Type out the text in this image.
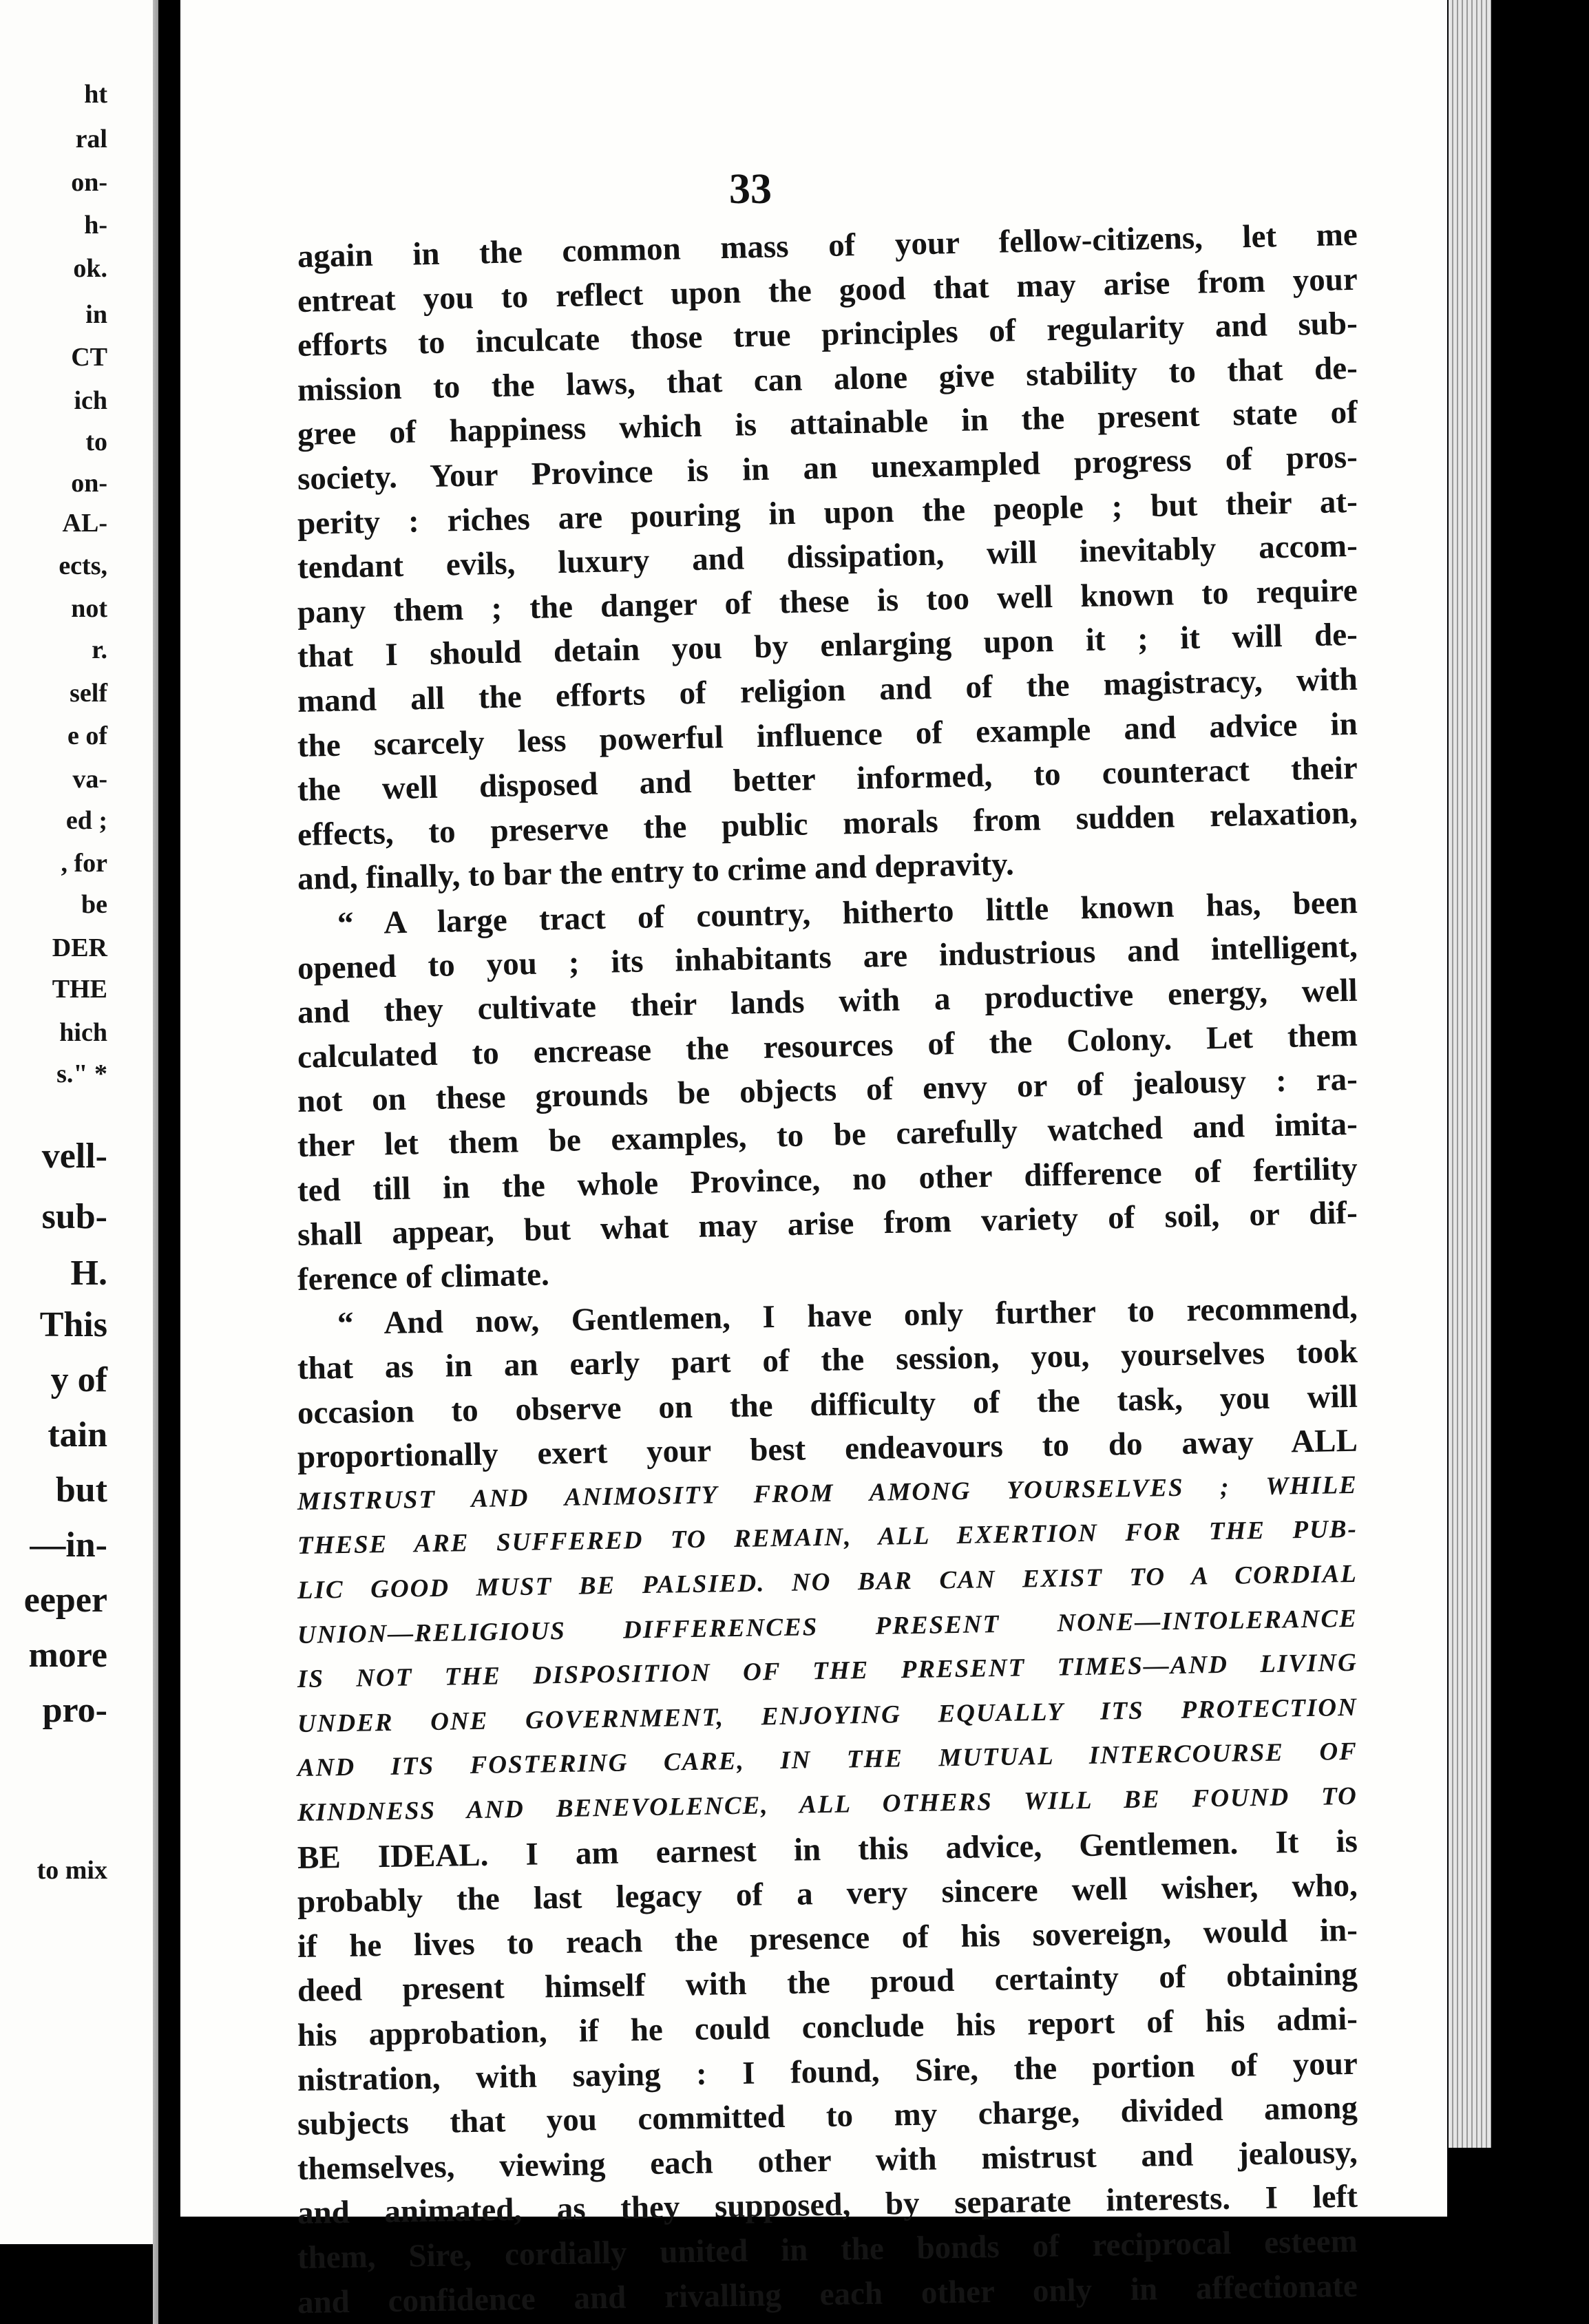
ht

ral

on-

h-

ok.

in

CT

ich

to

on-

AL-

ects,

not

r.

self

e of

va-

ed ;

, for

be

DER

THE

hich

s." *

vell-

sub-

H.

This

y of

tain

but

—in-

eeper

more

pro-

to mix

33

again in the common mass of your fellow-citizens, let me

entreat you to reflect upon the good that may arise from your

efforts to inculcate those true principles of regularity and sub-

mission to the laws, that can alone give stability to that de-

gree of happiness which is attainable in the present state of

society. Your Province is in an unexampled progress of pros-

perity : riches are pouring in upon the people ; but their at-

tendant evils, luxury and dissipation, will inevitably accom-

pany them ; the danger of these is too well known to require

that I should detain you by enlarging upon it ; it will de-

mand all the efforts of religion and of the magistracy, with

the scarcely less powerful influence of example and advice in

the well disposed and better informed, to counteract their

effects, to preserve the public morals from sudden relaxation,

and, finally, to bar the entry to crime and depravity.

“ A large tract of country, hitherto little known has, been

opened to you ; its inhabitants are industrious and intelligent,

and they cultivate their lands with a productive energy, well

calculated to encrease the resources of the Colony. Let them

not on these grounds be objects of envy or of jealousy : ra-

ther let them be examples, to be carefully watched and imita-

ted till in the whole Province, no other difference of fertility

shall appear, but what may arise from variety of soil, or dif-

ference of climate.

“ And now, Gentlemen, I have only further to recommend,

that as in an early part of the session, you, yourselves took

occasion to observe on the difficulty of the task, you will

proportionally exert your best endeavours to do away ALL

MISTRUST AND ANIMOSITY FROM AMONG YOURSELVES ; WHILE

THESE ARE SUFFERED TO REMAIN, ALL EXERTION FOR THE PUB-

LIC GOOD MUST BE PALSIED. NO BAR CAN EXIST TO A CORDIAL

UNION—RELIGIOUS DIFFERENCES PRESENT NONE—INTOLERANCE

IS NOT THE DISPOSITION OF THE PRESENT TIMES—AND LIVING

UNDER ONE GOVERNMENT, ENJOYING EQUALLY ITS PROTECTION

AND ITS FOSTERING CARE, IN THE MUTUAL INTERCOURSE OF

KINDNESS AND BENEVOLENCE, ALL OTHERS WILL BE FOUND TO

BE IDEAL. I am earnest in this advice, Gentlemen. It is

probably the last legacy of a very sincere well wisher, who,

if he lives to reach the presence of his sovereign, would in-

deed present himself with the proud certainty of obtaining

his approbation, if he could conclude his report of his admi-

nistration, with saying : I found, Sire, the portion of your

subjects that you committed to my charge, divided among

themselves, viewing each other with mistrust and jealousy,

and animated, as they supposed, by separate interests. I left

them, Sire, cordially united in the bonds of reciprocal esteem

and confidence and rivalling each other only in affectionate
